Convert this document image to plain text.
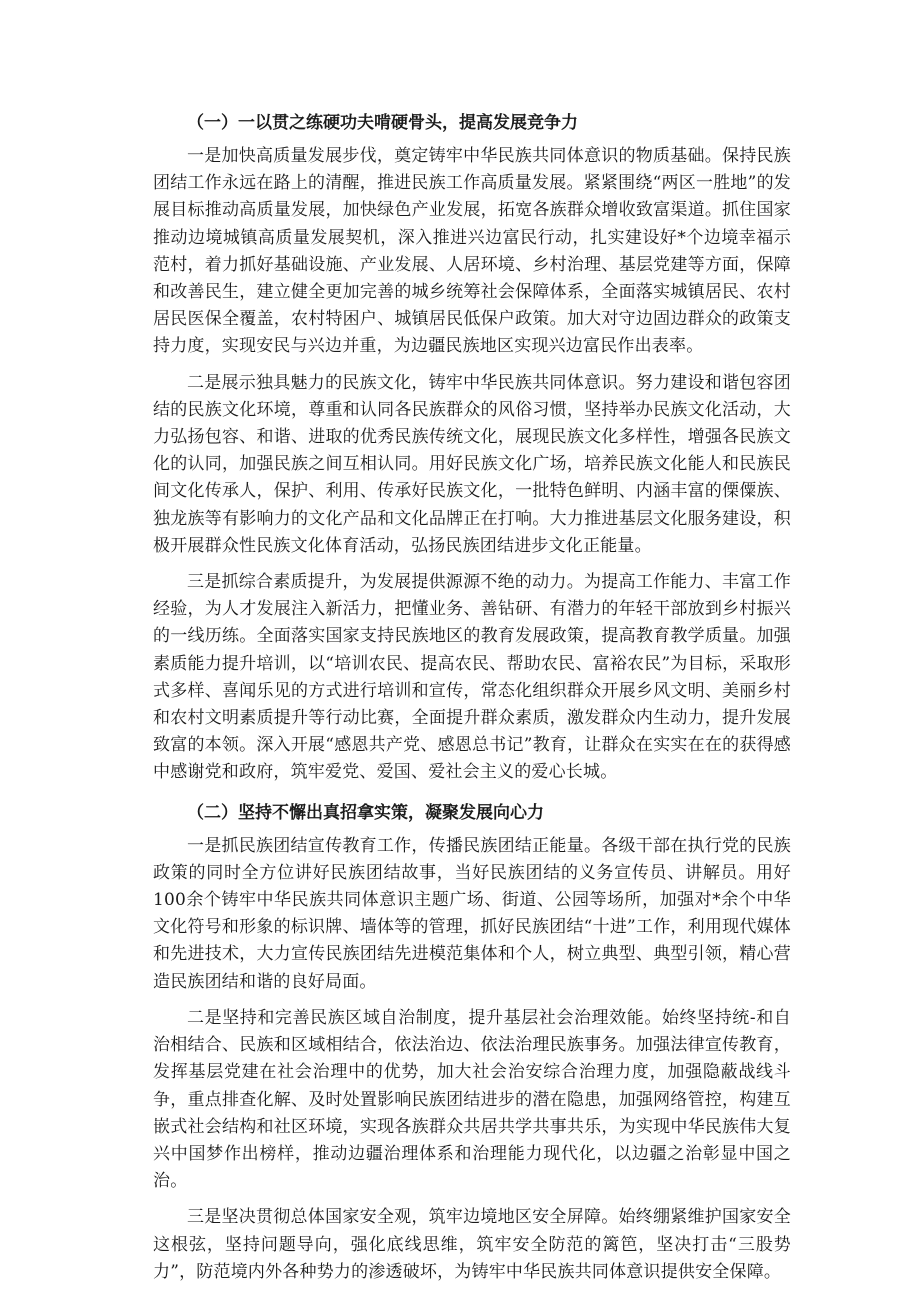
（一）一以贯之练硬功夫啃硬骨头，提高发展竞争力

一是加快高质量发展步伐，奠定铸牢中华民族共同体意识的物质基础。保持民族团结工作永远在路上的清醒，推进民族工作高质量发展。紧紧围绕“两区一胜地”的发展目标推动高质量发展，加快绿色产业发展，拓宽各族群众增收致富渠道。抓住国家推动边境城镇高质量发展契机，深入推进兴边富民行动，扎实建设好*个边境幸福示范村，着力抓好基础设施、产业发展、人居环境、乡村治理、基层党建等方面，保障和改善民生，建立健全更加完善的城乡统筹社会保障体系，全面落实城镇居民、农村居民医保全覆盖，农村特困户、城镇居民低保户政策。加大对守边固边群众的政策支持力度，实现安民与兴边并重，为边疆民族地区实现兴边富民作出表率。

二是展示独具魅力的民族文化，铸牢中华民族共同体意识。努力建设和谐包容团结的民族文化环境，尊重和认同各民族群众的风俗习惯，坚持举办民族文化活动，大力弘扬包容、和谐、进取的优秀民族传统文化，展现民族文化多样性，增强各民族文化的认同，加强民族之间互相认同。用好民族文化广场，培养民族文化能人和民族民间文化传承人，保护、利用、传承好民族文化，一批特色鲜明、内涵丰富的傈僳族、独龙族等有影响力的文化产品和文化品牌正在打响。大力推进基层文化服务建设，积极开展群众性民族文化体育活动，弘扬民族团结进步文化正能量。

三是抓综合素质提升，为发展提供源源不绝的动力。为提高工作能力、丰富工作经验，为人才发展注入新活力，把懂业务、善钻研、有潜力的年轻干部放到乡村振兴的一线历练。全面落实国家支持民族地区的教育发展政策，提高教育教学质量。加强素质能力提升培训，以“培训农民、提高农民、帮助农民、富裕农民”为目标，采取形式多样、喜闻乐见的方式进行培训和宣传，常态化组织群众开展乡风文明、美丽乡村和农村文明素质提升等行动比赛，全面提升群众素质，激发群众内生动力，提升发展致富的本领。深入开展“感恩共产党、感恩总书记”教育，让群众在实实在在的获得感中感谢党和政府，筑牢爱党、爱国、爱社会主义的爱心长城。

（二）坚持不懈出真招拿实策，凝聚发展向心力

一是抓民族团结宣传教育工作，传播民族团结正能量。各级干部在执行党的民族政策的同时全方位讲好民族团结故事，当好民族团结的义务宣传员、讲解员。用好100余个铸牢中华民族共同体意识主题广场、街道、公园等场所，加强对*余个中华文化符号和形象的标识牌、墙体等的管理，抓好民族团结“十进”工作，利用现代媒体和先进技术，大力宣传民族团结先进模范集体和个人，树立典型、典型引领，精心营造民族团结和谐的良好局面。

二是坚持和完善民族区域自治制度，提升基层社会治理效能。始终坚持统-和自治相结合、民族和区域相结合，依法治边、依法治理民族事务。加强法律宣传教育，发挥基层党建在社会治理中的优势，加大社会治安综合治理力度，加强隐蔽战线斗争，重点排查化解、及时处置影响民族团结进步的潜在隐患，加强网络管控，构建互嵌式社会结构和社区环境，实现各族群众共居共学共事共乐，为实现中华民族伟大复兴中国梦作出榜样，推动边疆治理体系和治理能力现代化，以边疆之治彰显中国之治。

三是坚决贯彻总体国家安全观，筑牢边境地区安全屏障。始终绷紧维护国家安全这根弦，坚持问题导向，强化底线思维，筑牢安全防范的篱笆，坚决打击“三股势力”，防范境内外各种势力的渗透破坏，为铸牢中华民族共同体意识提供安全保障。
